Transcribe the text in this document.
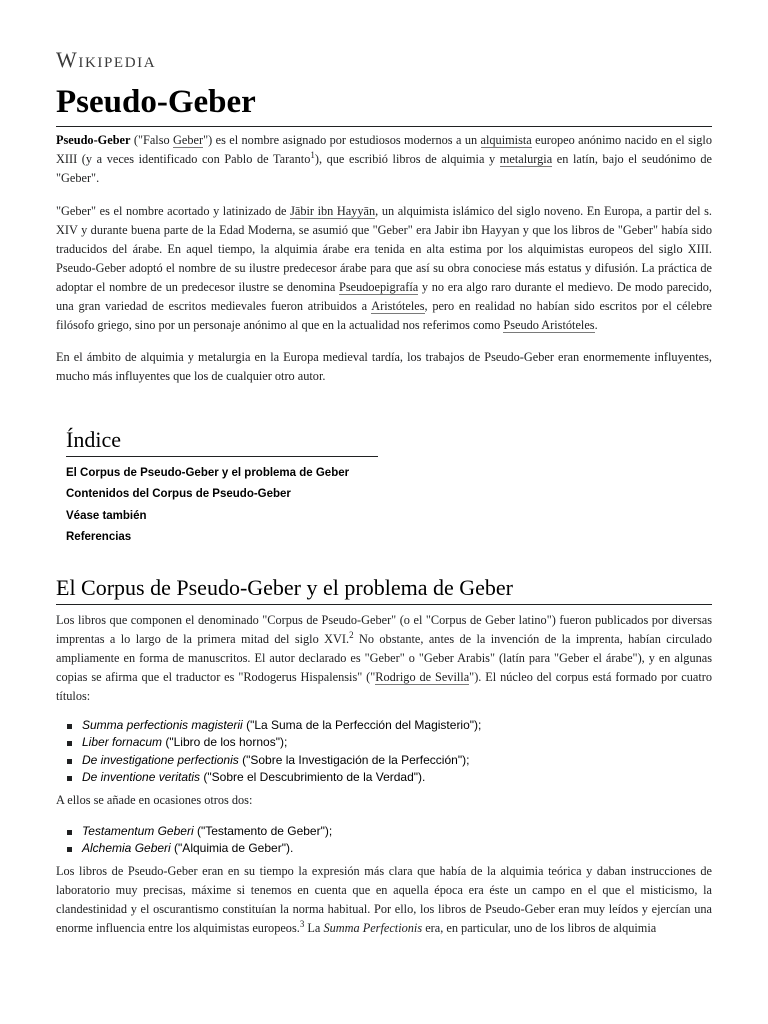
Wikipedia
Pseudo-Geber

Pseudo-Geber ("Falso Geber") es el nombre asignado por estudiosos modernos a un alquimista europeo anónimo nacido en el siglo XIII (y a veces identificado con Pablo de Taranto$^1$), que escribió libros de alquimia y metalurgia en latín, bajo el seudónimo de "Geber".

"Geber" es el nombre acortado y latinizado de Jābir ibn Hayyān, un alquimista islámico del siglo noveno. En Europa, a partir del s. XIV y durante buena parte de la Edad Moderna, se asumió que "Geber" era Jabir ibn Hayyan y que los libros de "Geber" había sido traducidos del árabe. En aquel tiempo, la alquimia árabe era tenida en alta estima por los alquimistas europeos del siglo XIII. Pseudo-Geber adoptó el nombre de su ilustre predecesor árabe para que así su obra conociese más estatus y difusión. La práctica de adoptar el nombre de un predecesor ilustre se denomina Pseudoepigrafía y no era algo raro durante el medievo. De modo parecido, una gran variedad de escritos medievales fueron atribuidos a Aristóteles, pero en realidad no habían sido escritos por el célebre filósofo griego, sino por un personaje anónimo al que en la actualidad nos referimos como Pseudo Aristóteles.

En el ámbito de alquimia y metalurgia en la Europa medieval tardía, los trabajos de Pseudo-Geber eran enormemente influyentes, mucho más influyentes que los de cualquier otro autor.

Índice
El Corpus de Pseudo-Geber y el problema de Geber
Contenidos del Corpus de Pseudo-Geber
Véase también
Referencias
El Corpus de Pseudo-Geber y el problema de Geber

Los libros que componen el denominado "Corpus de Pseudo-Geber" (o el "Corpus de Geber latino") fueron publicados por diversas imprentas a lo largo de la primera mitad del siglo XVI.$^2$ No obstante, antes de la invención de la imprenta, habían circulado ampliamente en forma de manuscritos. El autor declarado es "Geber" o "Geber Arabis" (latín para "Geber el árabe"), y en algunas copias se afirma que el traductor es "Rodogerus Hispalensis" ("Rodrigo de Sevilla"). El núcleo del corpus está formado por cuatro títulos:

Summa perfectionis magisterii ("La Suma de la Perfección del Magisterio");
Liber fornacum ("Libro de los hornos");
De investigatione perfectionis ("Sobre la Investigación de la Perfección");
De inventione veritatis ("Sobre el Descubrimiento de la Verdad").

A ellos se añade en ocasiones otros dos:

Testamentum Geberi ("Testamento de Geber");
Alchemia Geberi ("Alquimia de Geber").

Los libros de Pseudo-Geber eran en su tiempo la expresión más clara que había de la alquimia teórica y daban instrucciones de laboratorio muy precisas, máxime si tenemos en cuenta que en aquella época era éste un campo en el que el misticismo, la clandestinidad y el oscurantismo constituían la norma habitual. Por ello, los libros de Pseudo-Geber eran muy leídos y ejercían una enorme influencia entre los alquimistas europeos.$^3$ La Summa Perfectionis era, en particular, uno de los libros de alquimia
